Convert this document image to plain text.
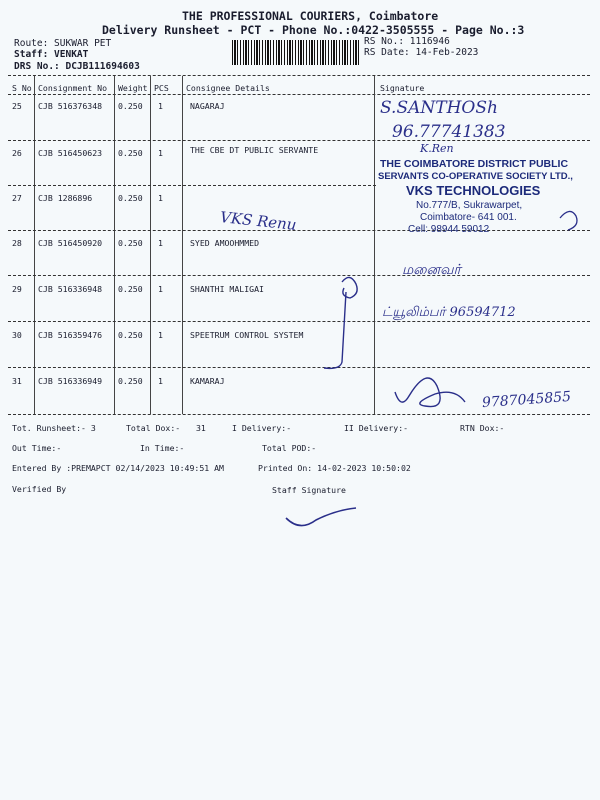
THE PROFESSIONAL COURIERS, Coimbatore
Delivery Runsheet - PCT - Phone No.:0422-3505555 - Page No.:3
Route: SUKWAR PET
Staff: VENKAT
DRS No.: DCJB111694603
RS No.: 1116946
RS Date: 14-Feb-2023
S No Consignment No Weight PCS Consignee Details	Signature
25 CJB 516376348 0.250 1	NAGARAJ
26 CJB 516450623 0.250 1	THE CBE DT PUBLIC SERVANTE
27 CJB 1286896	0.250 1
28 CJB 516450920 0.250 1	SYED AMOOHMMED
29 CJB 516336948 0.250 1	SHANTHI MALIGAI
30 CJB 516359476 0.250 1	SPEETRUM CONTROL SYSTEM
31 CJB 516336949 0.250 1	KAMARAJ
S.SANTHOSh
96.77741383
K.Ren
VKS Renu
மனைவர்
ட்யூலிம்பர் 96594712
9787045855
THE COIMBATORE DISTRICT PUBLIC
SERVANTS CO-OPERATIVE SOCIETY LTD.,
VKS TECHNOLOGIES
No.777/B, Sukrawarpet,
Coimbatore- 641 001.
Cell: 98944 59012
Tot. Runsheet:- 3	Total Dox:- 31	I Delivery:-	II Delivery:-	RTN Dox:-
Out Time:-	In Time:-	Total POD:-
Entered By :PREMAPCT 02/14/2023 10:49:51 AM	Printed On: 14-02-2023 10:50:02
Verified By	Staff Signature
